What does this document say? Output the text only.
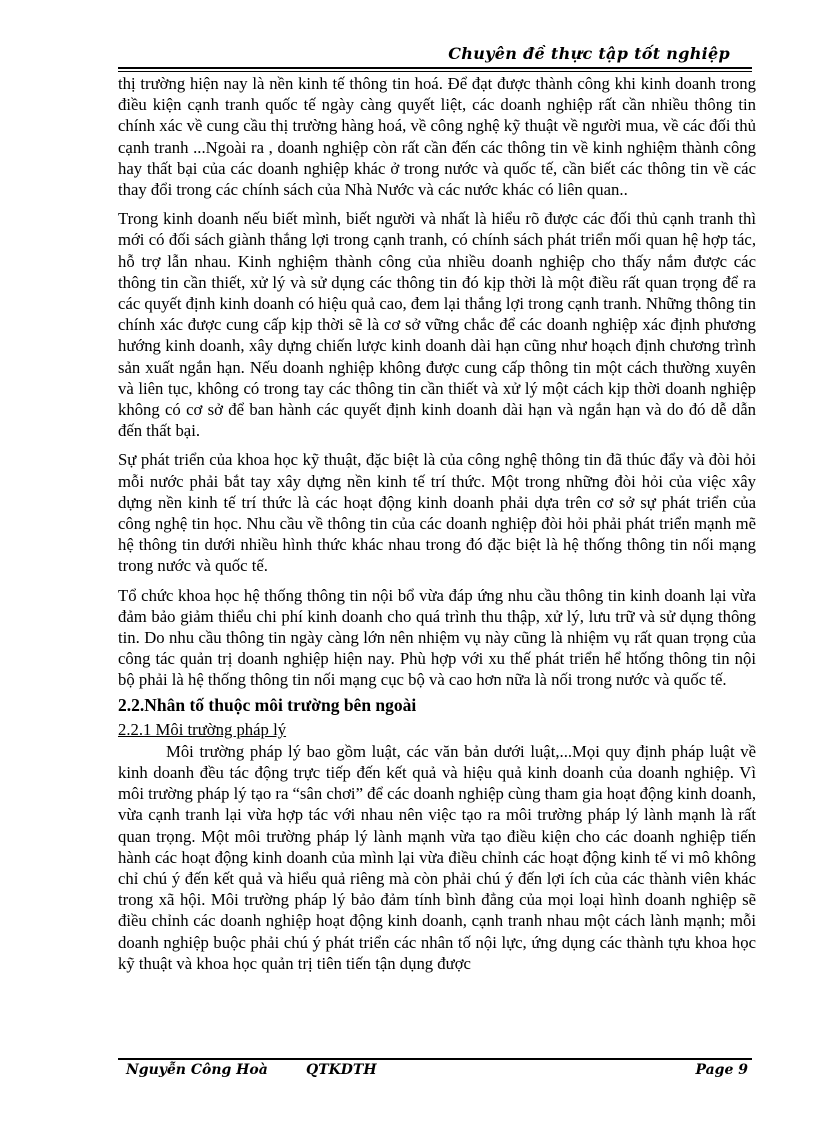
Chuyên đề thực tập tốt nghiệp

thị trường hiện nay là nền kinh tế thông tin hoá. Để đạt được thành công khi kinh doanh trong điều kiện cạnh tranh quốc tế ngày càng quyết liệt, các doanh nghiệp rất cần nhiều thông tin chính xác về cung cầu thị trường hàng hoá, về công nghệ kỹ thuật về người mua, về các đối thủ cạnh tranh ...Ngoài ra , doanh nghiệp còn rất cần đến các thông tin về kinh nghiệm thành công hay thất bại của các doanh nghiệp khác ở trong nước và quốc tế, cần biết các thông tin về các thay đổi trong các chính sách của Nhà Nước và các nước khác có liên quan..

Trong kinh doanh nếu biết mình, biết người và nhất là hiểu rõ được các đối thủ cạnh tranh thì mới có đối sách giành thắng lợi trong cạnh tranh, có chính sách phát triển mối quan hệ hợp tác, hỗ trợ lẫn nhau. Kinh nghiệm thành công của nhiều doanh nghiệp cho thấy nắm được các thông tin cần thiết, xử lý và sử dụng các thông tin đó kịp thời là một điều rất quan trọng để ra các quyết định kinh doanh có hiệu quả cao, đem lại thắng lợi trong cạnh tranh. Những thông tin chính xác được cung cấp kịp thời sẽ là cơ sở vững chắc để các doanh nghiệp xác định phương hướng kinh doanh, xây dựng chiến lược kinh doanh dài hạn cũng như hoạch định chương trình sản xuất ngắn hạn. Nếu doanh nghiệp không được cung cấp thông tin một cách thường xuyên và liên tục, không có trong tay các thông tin cần thiết và xử lý một cách kịp thời doanh nghiệp không có cơ sở để ban hành các quyết định kinh doanh dài hạn và ngắn hạn và do đó dễ dẫn đến thất bại.

Sự phát triển của khoa học kỹ thuật, đặc biệt là của công nghệ thông tin đã thúc đẩy và đòi hỏi mỗi nước phải bắt tay xây dựng nền kinh tế trí thức. Một trong những đòi hỏi của việc xây dựng nền kinh tế trí thức là các hoạt động kinh doanh phải dựa trên cơ sở sự phát triển của công nghệ tin học. Nhu cầu về thông tin của các doanh nghiệp đòi hỏi phải phát triển mạnh mẽ hệ thông tin dưới nhiều hình thức khác nhau trong đó đặc biệt là hệ thống thông tin nối mạng trong nước và quốc tế.

Tổ chức khoa học hệ thống thông tin nội bổ vừa đáp ứng nhu cầu thông tin kinh doanh lại vừa đảm bảo giảm thiểu chi phí kinh doanh cho quá trình thu thập, xử lý, lưu trữ và sử dụng thông tin. Do nhu cầu thông tin ngày càng lớn nên nhiệm vụ này cũng là nhiệm vụ rất quan trọng của công tác quản trị doanh nghiệp hiện nay. Phù hợp với xu thế phát triển hể htống thông tin nội bộ phải là hệ thống thông tin nối mạng cục bộ và cao hơn nữa là nối trong nước và quốc tế.

2.2.Nhân tố thuộc môi trường bên ngoài
2.2.1 Môi trường pháp lý

Môi trường pháp lý bao gồm luật, các văn bản dưới luật,...Mọi quy định pháp luật về kinh doanh đều tác động trực tiếp đến kết quả và hiệu quả kinh doanh của doanh nghiệp. Vì môi trường pháp lý tạo ra “sân chơi” để các doanh nghiệp cùng tham gia hoạt động kinh doanh, vừa cạnh tranh lại vừa hợp tác với nhau nên việc tạo ra môi trường pháp lý lành mạnh là rất quan trọng. Một môi trường pháp lý lành mạnh vừa tạo điều kiện cho các doanh nghiệp tiến hành các hoạt động kinh doanh của mình lại vừa điều chỉnh các hoạt động kinh tế vi mô không chỉ chú ý đến kết quả và hiểu quả riêng mà còn phải chú ý đến lợi ích của các thành viên khác trong xã hội. Môi trường pháp lý bảo đảm tính bình đẳng của mọi loại hình doanh nghiệp sẽ điều chỉnh các doanh nghiệp hoạt động kinh doanh, cạnh tranh nhau một cách lành mạnh; mỗi doanh nghiệp buộc phải chú ý phát triển các nhân tố nội lực, ứng dụng các thành tựu khoa học kỹ thuật và khoa học quản trị tiên tiến tận dụng được

Nguyễn Công Hoà	QTKDTH	Page 9
